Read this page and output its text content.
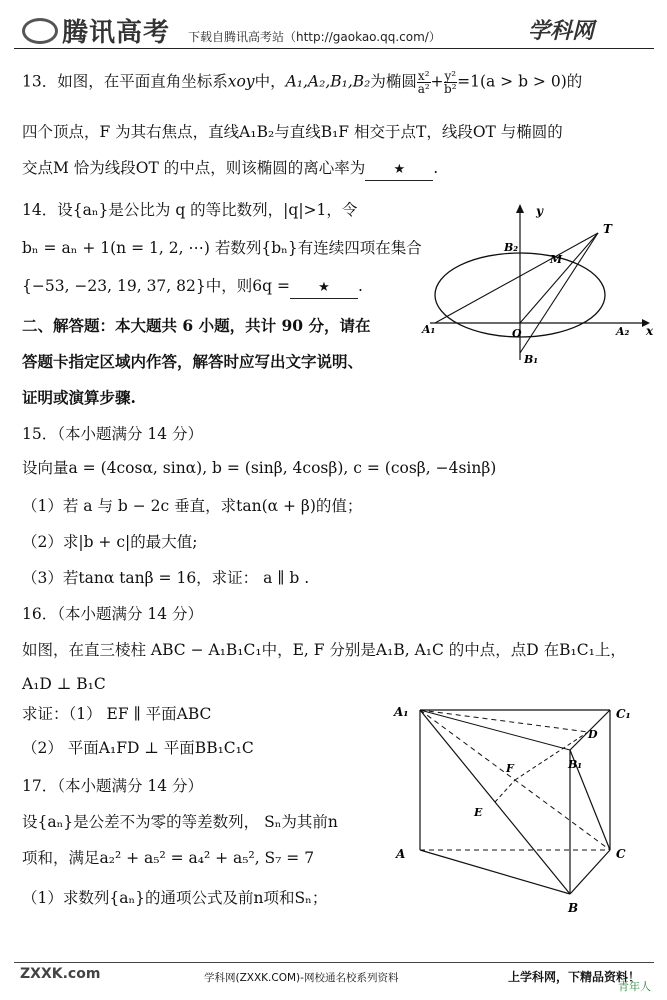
腾讯高考 下载自腾讯高考站（http://gaokao.qq.com/）	学科网
13．如图，在平面直角坐标系xoy中，A₁,A₂,B₁,B₂为椭圆 $\frac{\text{x²}}{\text{a²}} + \frac{\text{y²}}{\text{b²}} =1(a > b > 0)$的
四个顶点，F 为其右焦点，直线A₁B₂与直线B₁F 相交于点T，线段OT 与椭圆的
交点M 恰为线段OT 的中点，则该椭圆的离心率为 ★ .
14．设{aₙ}是公比为 q 的等比数列，|q|>1，令
bₙ = aₙ + 1(n = 1, 2, ⋯) 若数列{bₙ}有连续四项在集合
{−53, −23, 19, 37, 82}中，则6q = ★ .
二、解答题：本大题共 6 小题，共计 90 分，请在
答题卡指定区域内作答，解答时应写出文字说明、
证明或演算步骤.
15．（本小题满分 14 分）
设向量a = (4cosα, sinα), b = (sinβ, 4cosβ), c = (cosβ, −4sinβ)
（1）若 a 与 b − 2c 垂直，求tan(α + β)的值；
（2）求|b + c|的最大值;
（3）若tanα tanβ = 16，求证： a ∥ b .
16．（本小题满分 14 分）
如图，在直三棱柱 ABC − A₁B₁C₁中，E, F 分别是A₁B, A₁C 的中点，点D 在B₁C₁上，
A₁D ⊥ B₁C
求证：（1） EF ∥ 平面ABC
（2） 平面A₁FD ⊥ 平面BB₁C₁C
17．（本小题满分 14 分）
设{aₙ}是公差不为零的等差数列， Sₙ为其前n
项和，满足a₂² + a₅² = a₄² + a₅², S₇ = 7
（1）求数列{aₙ}的通项公式及前n项和Sₙ；
y
T
B₂
M
A₁	O	A₂ x
B₁
A₁	C₁
D
F	B₁
E
A	C
B
ZXXK.com	学科网(ZXXK.COM)-网校通名校系列资料	上学科网，下精品资料！
青年人
